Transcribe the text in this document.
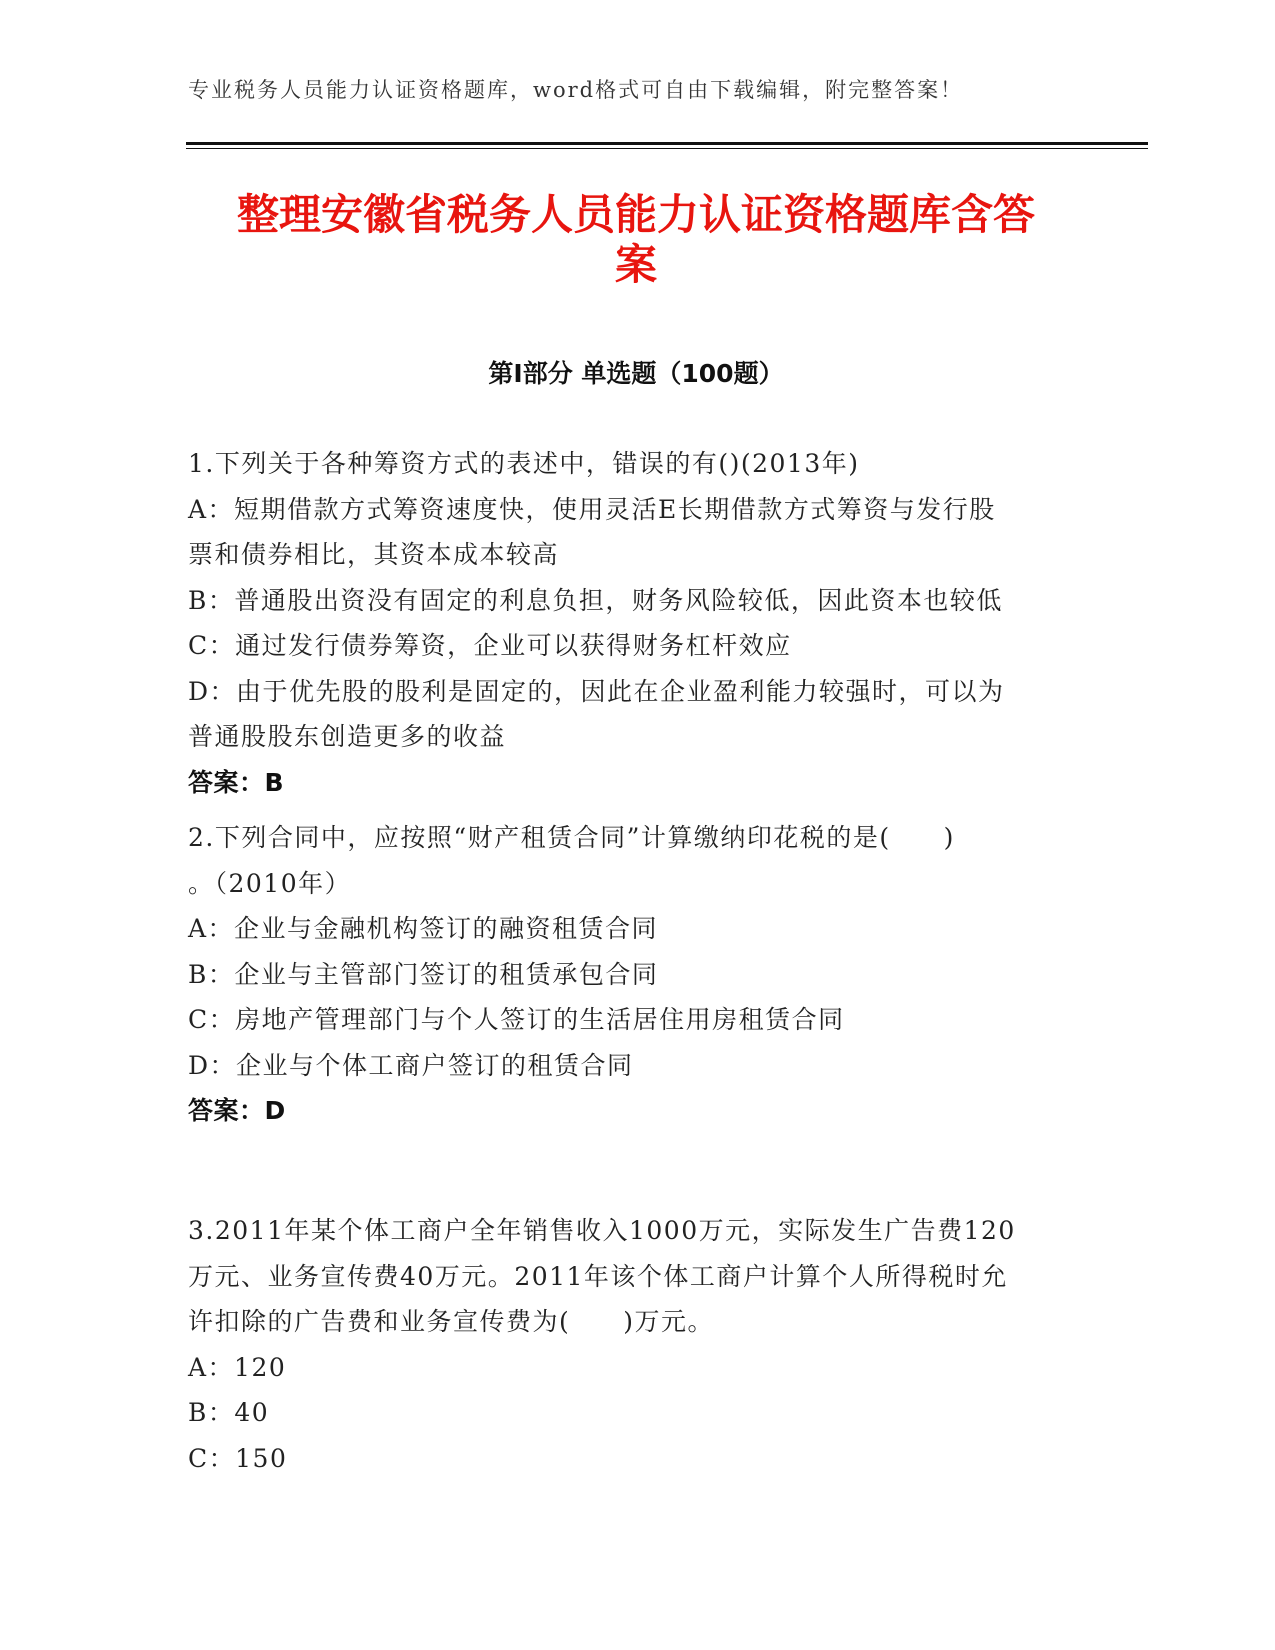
专业税务人员能力认证资格题库，word格式可自由下载编辑，附完整答案！
整理安徽省税务人员能力认证资格题库含答
案
第Ⅰ部分 单选题（100题）
1.下列关于各种筹资方式的表述中，错误的有()(2013年)
A：短期借款方式筹资速度快，使用灵活E长期借款方式筹资与发行股
票和债券相比，其资本成本较高
B：普通股出资没有固定的利息负担，财务风险较低，因此资本也较低
C：通过发行债券筹资，企业可以获得财务杠杆效应
D：由于优先股的股利是固定的，因此在企业盈利能力较强时，可以为
普通股股东创造更多的收益
答案：B
2.下列合同中，应按照“财产租赁合同”计算缴纳印花税的是(　　)
。（2010年）
A：企业与金融机构签订的融资租赁合同
B：企业与主管部门签订的租赁承包合同
C：房地产管理部门与个人签订的生活居住用房租赁合同
D：企业与个体工商户签订的租赁合同
答案：D
3.2011年某个体工商户全年销售收入1000万元，实际发生广告费120
万元、业务宣传费40万元。2011年该个体工商户计算个人所得税时允
许扣除的广告费和业务宣传费为(　　)万元。
A：120
B：40
C：150
